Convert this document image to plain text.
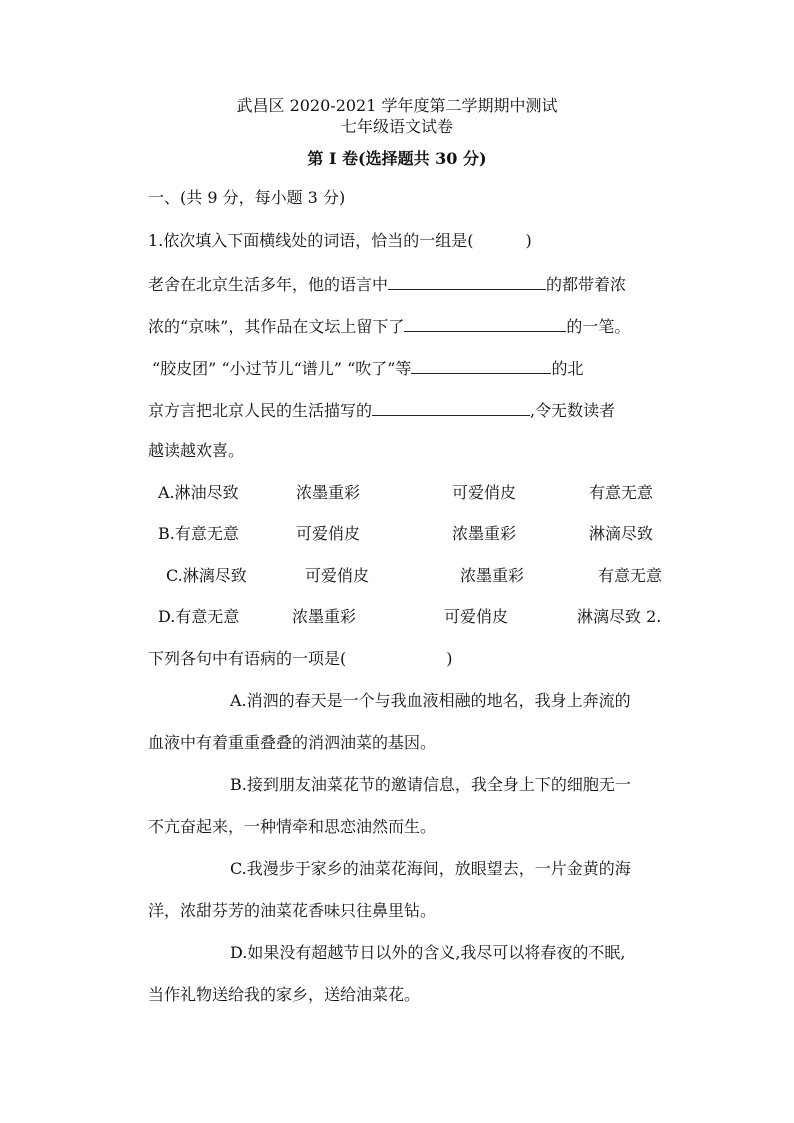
武昌区 2020-2021 学年度第二学期期中测试
七年级语文试卷
第 I 卷(选择题共 30 分)
一、(共 9 分，每小题 3 分)
1.依次填入下面横线处的词语，恰当的一组是(	)
老舍在北京生活多年，他的语言中	的都带着浓
浓的“京味”，其作品在文坛上留下了	的一笔。
“胶皮团” “小过节儿“谱儿” “吹了”等	的北
京方言把北京人民的生活描写的	,令无数读者
越读越欢喜。
A.淋油尽致	浓墨重彩	可爱俏皮	有意无意
B.有意无意	可爱俏皮	浓墨重彩	淋滴尽致
C.淋漓尽致	可爱俏皮	浓墨重彩	有意无意
D.有意无意	浓墨重彩	可爱俏皮	淋漓尽致 2.
下列各句中有语病的一项是(	)
A.消泗的春天是一个与我血液相融的地名，我身上奔流的
血液中有着重重叠叠的消泗油菜的基因。
B.接到朋友油菜花节的邀请信息，我全身上下的细胞无一
不亢奋起来，一种情牵和思恋油然而生。
C.我漫步于家乡的油菜花海间，放眼望去，一片金黄的海
洋，浓甜芬芳的油菜花香味只往鼻里钻。
D.如果没有超越节日以外的含义,我尽可以将春夜的不眠,
当作礼物送给我的家乡，送给油菜花。
